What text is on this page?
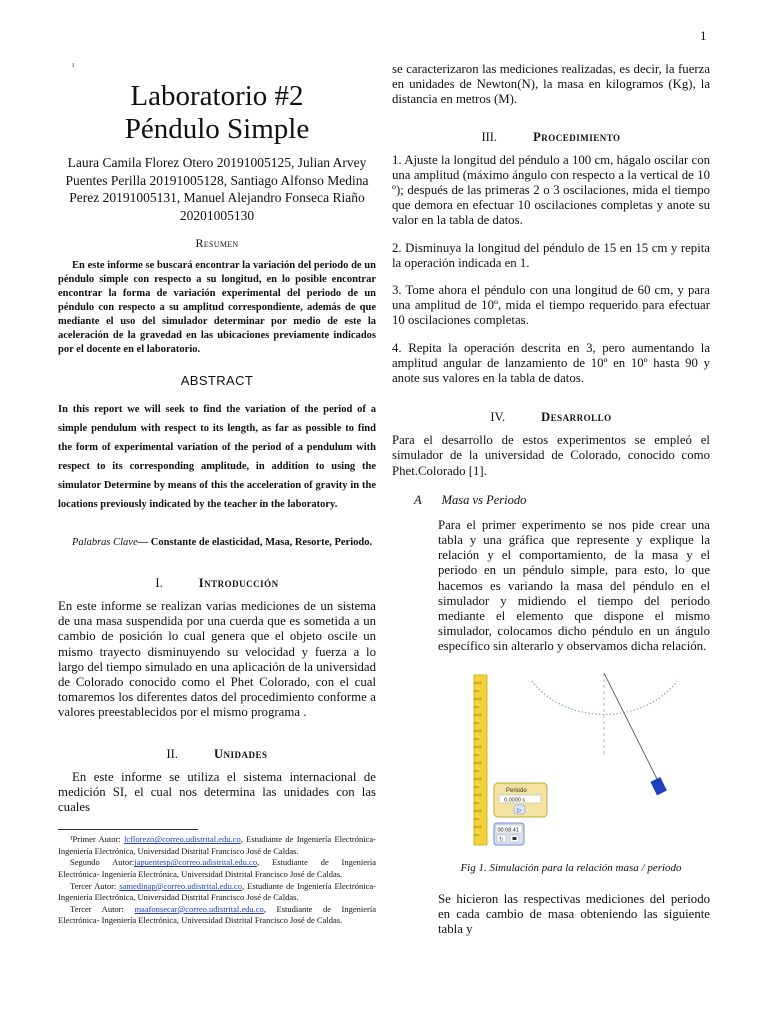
1
ı
Laboratorio #2
Péndulo Simple
Laura Camila Florez Otero 20191005125, Julian Arvey Puentes Perilla 20191005128, Santiago Alfonso Medina Perez 20191005131, Manuel Alejandro Fonseca Riaño 20201005130
Resumen
En este informe se buscará encontrar la variación del periodo de un péndulo simple con respecto a su longitud, en lo posible encontrar encontrar la forma de variación experimental del periodo de un péndulo con respecto a su amplitud correspondiente, además de que mediante el uso del simulador determinar por medio de este la aceleración de la gravedad en las ubicaciones previamente indicados por el docente en el laboratorio.
ABSTRACT
In this report we will seek to find the variation of the period of a simple pendulum with respect to its length, as far as possible to find the form of experimental variation of the period of a pendulum with respect to its corresponding amplitude, in addition to using the simulator Determine by means of this the acceleration of gravity in the locations previously indicated by the teacher in the laboratory.
Palabras Clave— Constante de elasticidad, Masa, Resorte, Periodo.
I.	Introducción

En este informe se realizan varias mediciones de un sistema de una masa suspendida por una cuerda que es sometida a un cambio de posición lo cual genera que el objeto oscile un mismo trayecto disminuyendo su velocidad y fuerza a lo largo del tiempo simulado en una aplicación de la universidad de Colorado conocido como el Phet Colorado, con el cual tomaremos los diferentes datos del procedimiento conforme a valores preestablecidos por el mismo programa .

II.	Unidades

En este informe se utiliza el sistema internacional de medición SI, el cual nos determina las unidades con las cuales

¹Primer Autor: lcflorezo@correo.udistrital.edu.co, Estudiante de Ingeniería Electrónica- Ingeniería Electrónica, Universidad Distrital Francisco José de Caldas.

Segundo Autor:japuentesp@correo.udistrital.edu.co, Estudiante de Ingeniería Electrónica- Ingeniería Electrónica, Universidad Distrital Francisco José de Caldas.

Tercer Autor: samedinap@correo.udistrital.edu.co, Estudiante de Ingeniería Electrónica- Ingeniería Electrónica, Universidad Distrital Francisco José de Caldas.

Tercer Autor: maafonsecar@correo.udistrital.edu.co, Estudiante de Ingeniería Electrónica- Ingeniería Electrónica, Universidad Distrital Francisco José de Caldas.

se caracterizaron las mediciones realizadas, es decir, la fuerza en unidades de Newton(N), la masa en kilogramos (Kg), la distancia en metros (M).

III.	Procedimiento

1. Ajuste la longitud del péndulo a 100 cm, hágalo oscilar con una amplitud (máximo ángulo con respecto a la vertical de 10 º); después de las primeras 2 o 3 oscilaciones, mida el tiempo que demora en efectuar 10 oscilaciones completas y anote su valor en la tabla de datos.

2. Disminuya la longitud del péndulo de 15 en 15 cm y repita la operación indicada en 1.

3. Tome ahora el péndulo con una longitud de 60 cm, y para una amplitud de 10º, mida el tiempo requerido para efectuar 10 oscilaciones completas.

4. Repita la operación descrita en 3, pero aumentando la amplitud angular de lanzamiento de 10º en 10º hasta 90 y anote sus valores en la tabla de datos.

IV.	Desarrollo

Para el desarrollo de estos experimentos se empleó el simulador de la universidad de Colorado, conocido como Phet.Colorado [1].

A Masa vs Periodo

Para el primer experimento se nos pide crear una tabla y una gráfica que represente y explique la relación y el comportamiento, de la masa y el periodo en un péndulo simple, para esto, lo que hacemos es variando la masa del péndulo en el simulador y midiendo el tiempo del periodo mediante el elemento que dispone el mismo simulador, colocamos dicho péndulo en un ángulo específico sin alterarlo y observamos dicha relación.

Periodo
0.0000 s
▷
00:08.41
↻
Fig 1. Simulación para la relación masa / periodo

Se hicieron las respectivas mediciones del periodo en cada cambio de masa obteniendo las siguiente tabla y
